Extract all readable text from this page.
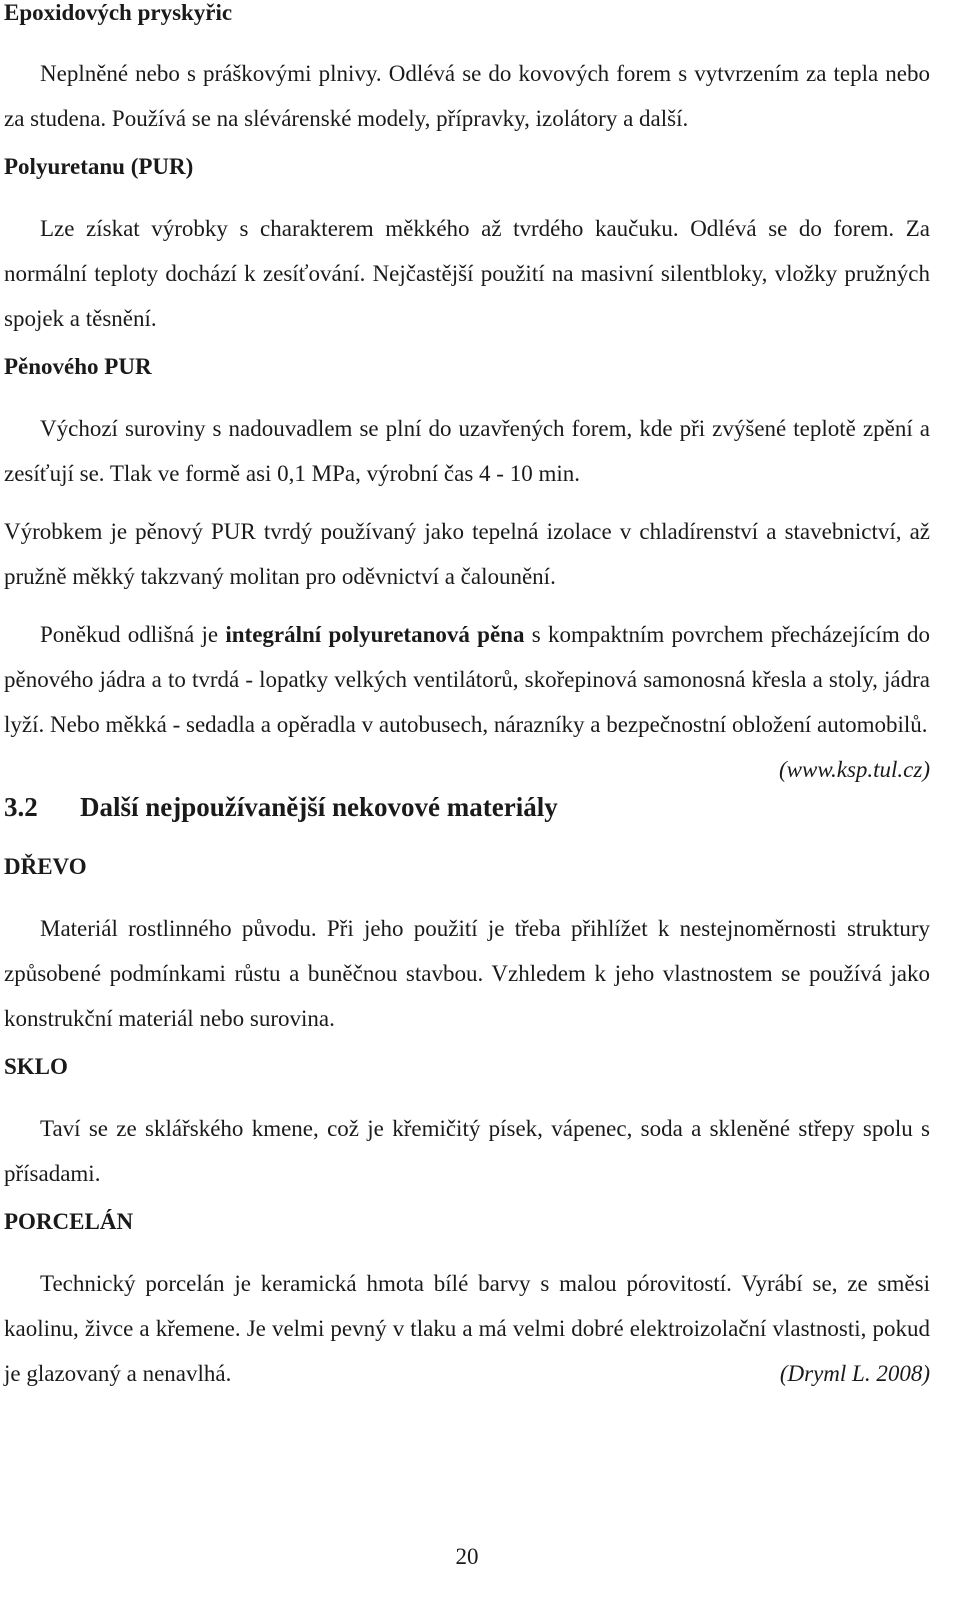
Epoxidových pryskyřic

Neplněné nebo s práškovými plnivy. Odlévá se do kovových forem s vytvrzením za tepla nebo za studena. Používá se na slévárenské modely, přípravky, izolátory a další.

Polyuretanu (PUR)

Lze získat výrobky s charakterem měkkého až tvrdého kaučuku. Odlévá se do forem. Za normální teploty dochází k zesíťování. Nejčastější použití na masivní silentbloky, vložky pružných spojek a těsnění.

Pěnového PUR

Výchozí suroviny s nadouvadlem se plní do uzavřených forem, kde při zvýšené teplotě zpění a zesíťují se. Tlak ve formě asi 0,1 MPa, výrobní čas 4 - 10 min.

Výrobkem je pěnový PUR tvrdý používaný jako tepelná izolace v chladírenství a stavebnictví, až pružně měkký takzvaný molitan pro oděvnictví a čalounění.

Poněkud odlišná je integrální polyuretanová pěna s kompaktním povrchem přecházejícím do pěnového jádra a to tvrdá - lopatky velkých ventilátorů, skořepinová samonosná křesla a stoly, jádra lyží. Nebo měkká - sedadla a opěradla v autobusech, nárazníky a bezpečnostní obložení automobilů.
(www.ksp.tul.cz)

3.2 Další nejpoužívanější nekovové materiály
DŘEVO

Materiál rostlinného původu. Při jeho použití je třeba přihlížet k nestejnoměrnosti struktury způsobené podmínkami růstu a buněčnou stavbou. Vzhledem k jeho vlastnostem se používá jako konstrukční materiál nebo surovina.

SKLO

Taví se ze sklářského kmene, což je křemičitý písek, vápenec, soda a skleněné střepy spolu s přísadami.

PORCELÁN

Technický porcelán je keramická hmota bílé barvy s malou pórovitostí. Vyrábí se, ze směsi kaolinu, živce a křemene. Je velmi pevný v tlaku a má velmi dobré elektroizolační vlastnosti, pokud je glazovaný a nenavlhá.	(Dryml L. 2008)

20
